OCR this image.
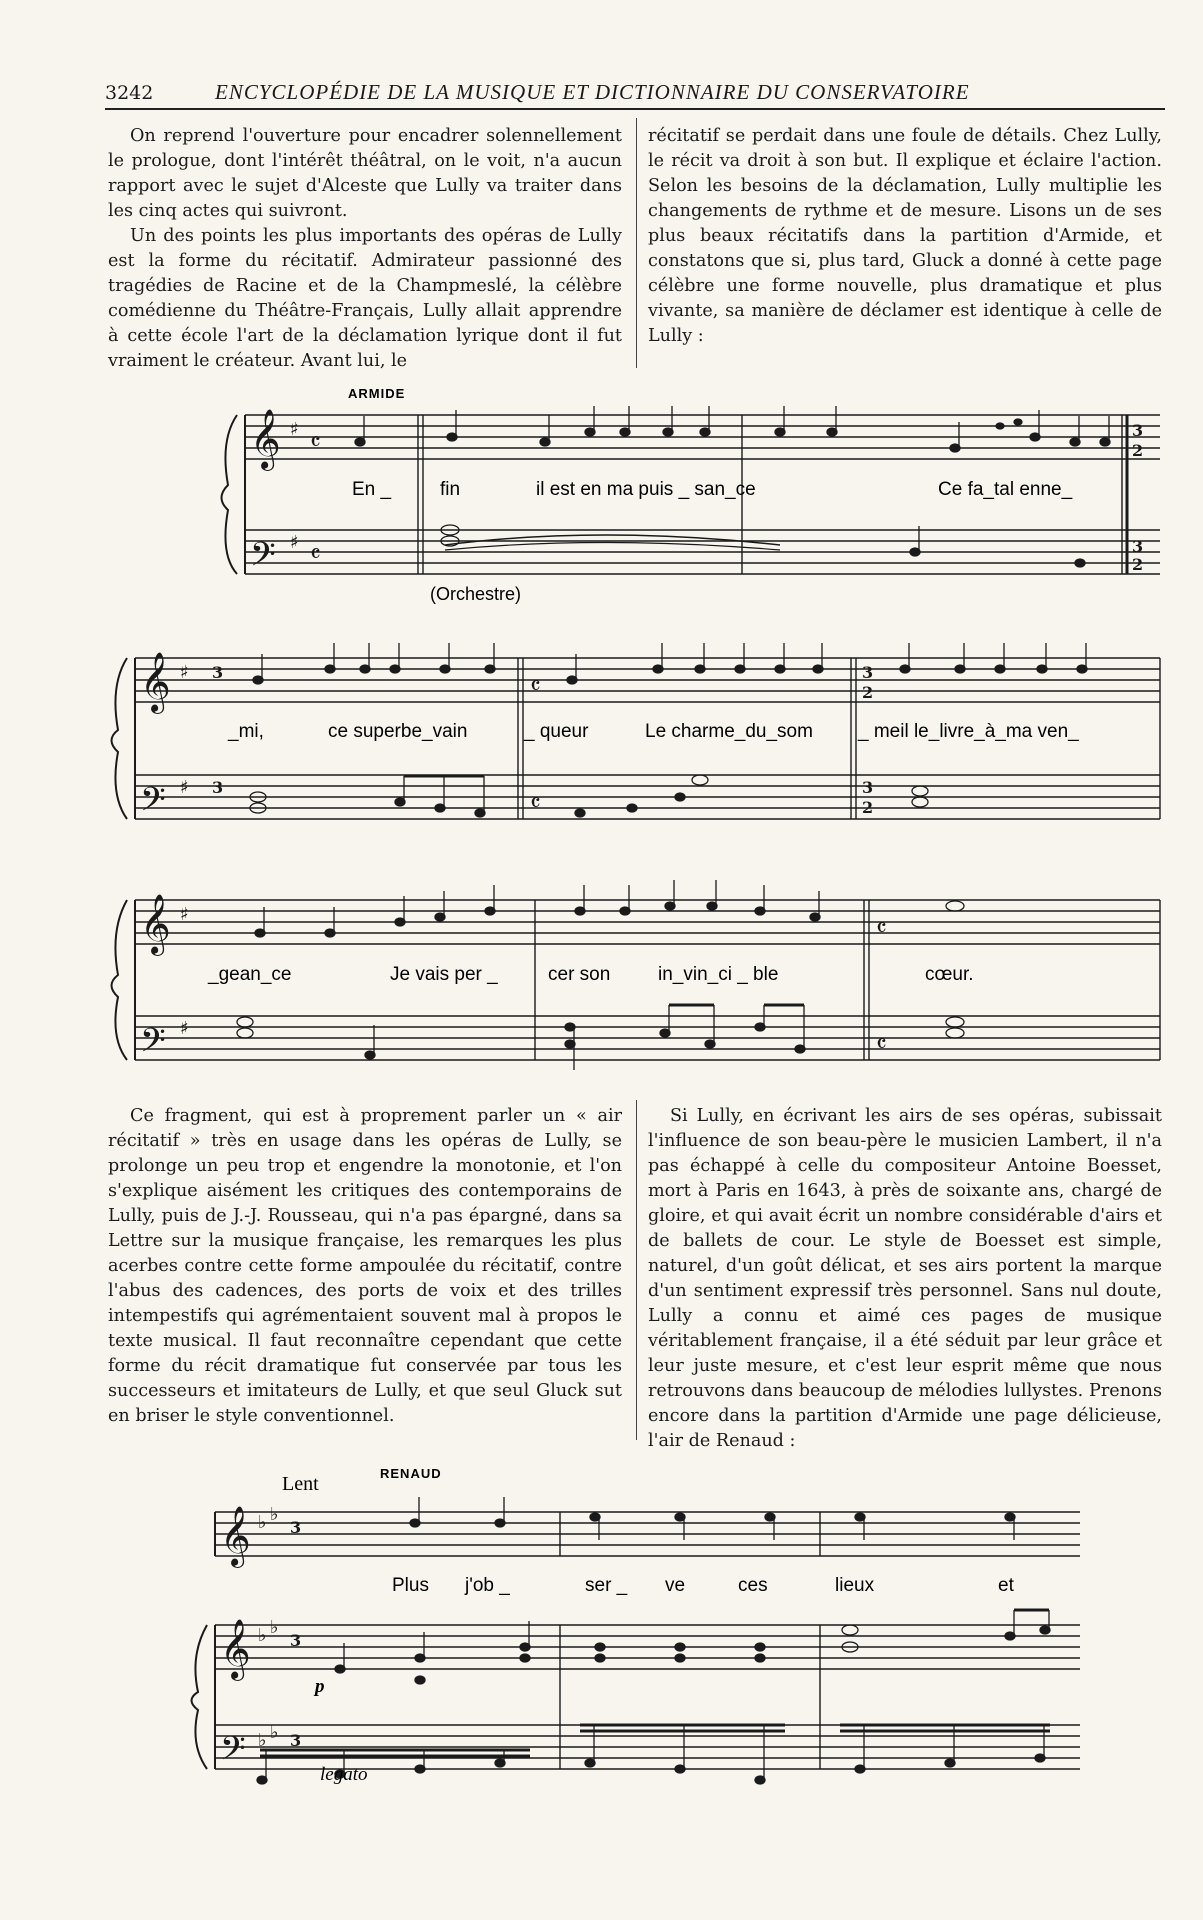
3242	ENCYCLOPÉDIE DE LA MUSIQUE ET DICTIONNAIRE DU CONSERVATOIRE

On reprend l'ouverture pour encadrer solennellement le prologue, dont l'intérêt théâtral, on le voit, n'a aucun rapport avec le sujet d'Alceste que Lully va traiter dans les cinq actes qui suivront.

Un des points les plus importants des opéras de Lully est la forme du récitatif. Admirateur passionné des tragédies de Racine et de la Champmeslé, la célèbre comédienne du Théâtre-Français, Lully allait apprendre à cette école l'art de la déclamation lyrique dont il fut vraiment le créateur. Avant lui, le

récitatif se perdait dans une foule de détails. Chez Lully, le récit va droit à son but. Il explique et éclaire l'action. Selon les besoins de la déclamation, Lully multiplie les changements de rythme et de mesure. Lisons un de ses plus beaux récitatifs dans la partition d'Armide, et constatons que si, plus tard, Gluck a donné à cette page célèbre une forme nouvelle, plus dramatique et plus vivante, sa manière de déclamer est identique à celle de Lully :

𝄞
𝄢
♯
♯
𝄴
𝄴
3
2
3
2
𝄞
𝄢
♯
♯
3
3
𝄴
𝄴
3
2
3
2
𝄞
𝄢
♯
♯
𝄴
𝄴
ARMIDE
(Orchestre)
En _	fin	il est en ma puis _ san_ce	Ce fa_tal enne_
_mi,	ce superbe_vain	_ queur	Le charme_du_som _ meil le_livre_à_ma ven_
_gean_ce	Je vais per _	cer son	in_vin_ci _ ble	cœur.

Ce fragment, qui est à proprement parler un « air récitatif » très en usage dans les opéras de Lully, se prolonge un peu trop et engendre la monotonie, et l'on s'explique aisément les critiques des contemporains de Lully, puis de J.-J. Rousseau, qui n'a pas épargné, dans sa Lettre sur la musique française, les remarques les plus acerbes contre cette forme ampoulée du récitatif, contre l'abus des cadences, des ports de voix et des trilles intempestifs qui agrémentaient souvent mal à propos le texte musical. Il faut reconnaître cependant que cette forme du récit dramatique fut conservée par tous les successeurs et imitateurs de Lully, et que seul Gluck sut en briser le style conventionnel.

Si Lully, en écrivant les airs de ses opéras, subissait l'influence de son beau-père le musicien Lambert, il n'a pas échappé à celle du compositeur Antoine Boesset, mort à Paris en 1643, à près de soixante ans, chargé de gloire, et qui avait écrit un nombre considérable d'airs et de ballets de cour. Le style de Boesset est simple, naturel, d'un goût délicat, et ses airs portent la marque d'un sentiment expressif très personnel. Sans nul doute, Lully a connu et aimé ces pages de musique véritablement française, il a été séduit par leur grâce et leur juste mesure, et c'est leur esprit même que nous retrouvons dans beaucoup de mélodies lullystes. Prenons encore dans la partition d'Armide une page délicieuse, l'air de Renaud :

𝄞 ♭ ♭
3
𝄞 ♭ ♭
3
𝄢 ♭ ♭ 3
Lent	RENAUD
Plus j'ob _	ser _ ve	ces	lieux	et
p
legato
